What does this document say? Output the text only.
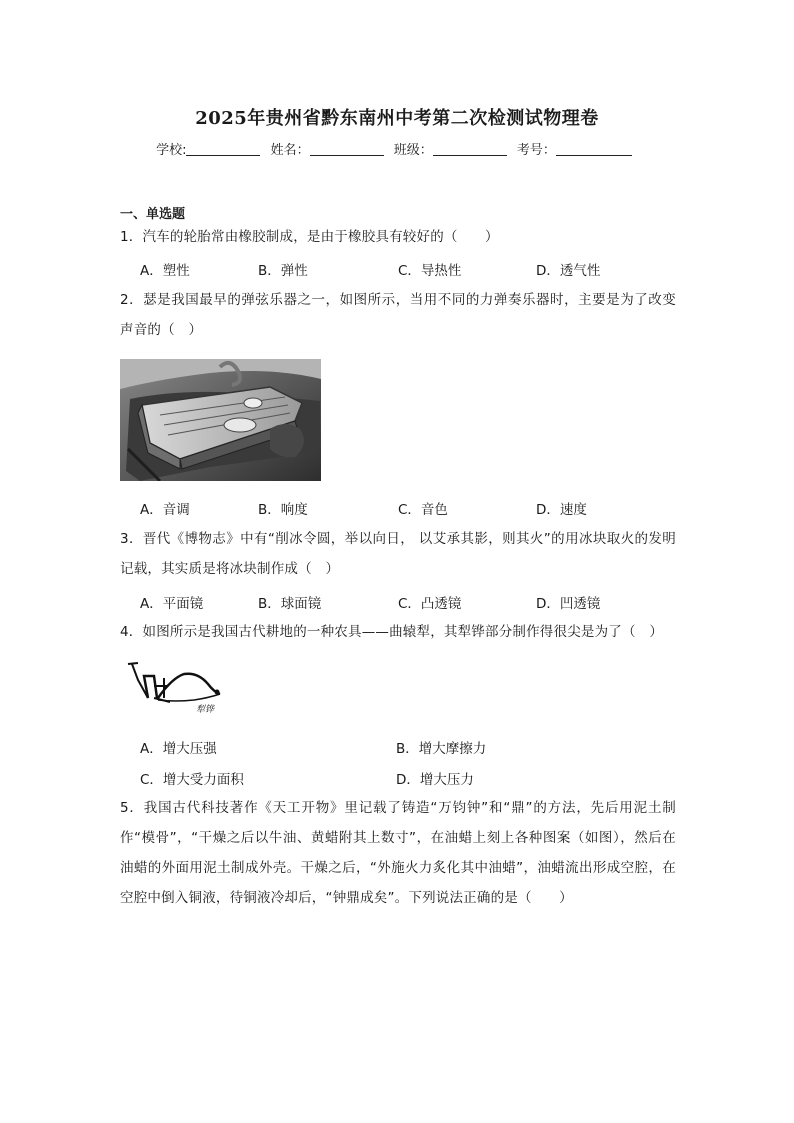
2025年贵州省黔东南州中考第二次检测试物理卷
学校:	姓名：	班级：	考号：
一、单选题
1．汽车的轮胎常由橡胶制成，是由于橡胶具有较好的（　　）
A．塑性	B．弹性	C．导热性	D．透气性
2．瑟是我国最早的弹弦乐器之一，如图所示，当用不同的力弹奏乐器时，主要是为了改变声音的（　）
A．音调	B．响度	C．音色	D．速度
3．晋代《博物志》中有“削冰令圆，举以向日， 以艾承其影，则其火”的用冰块取火的发明记载，其实质是将冰块制作成（　）
A．平面镜	B．球面镜	C．凸透镜	D．凹透镜
4．如图所示是我国古代耕地的一种农具——曲辕犁，其犁铧部分制作得很尖是为了（　）
犁铧
A．增大压强	B．增大摩擦力
C．增大受力面积	D．增大压力
5．我国古代科技著作《天工开物》里记载了铸造“万钧钟”和“鼎”的方法，先后用泥土制作“模骨”，“干燥之后以牛油、黄蜡附其上数寸”，在油蜡上刻上各种图案（如图），然后在油蜡的外面用泥土制成外壳。干燥之后，“外施火力炙化其中油蜡”，油蜡流出形成空腔，在空腔中倒入铜液，待铜液冷却后，“钟鼎成矣”。下列说法正确的是（　　）
